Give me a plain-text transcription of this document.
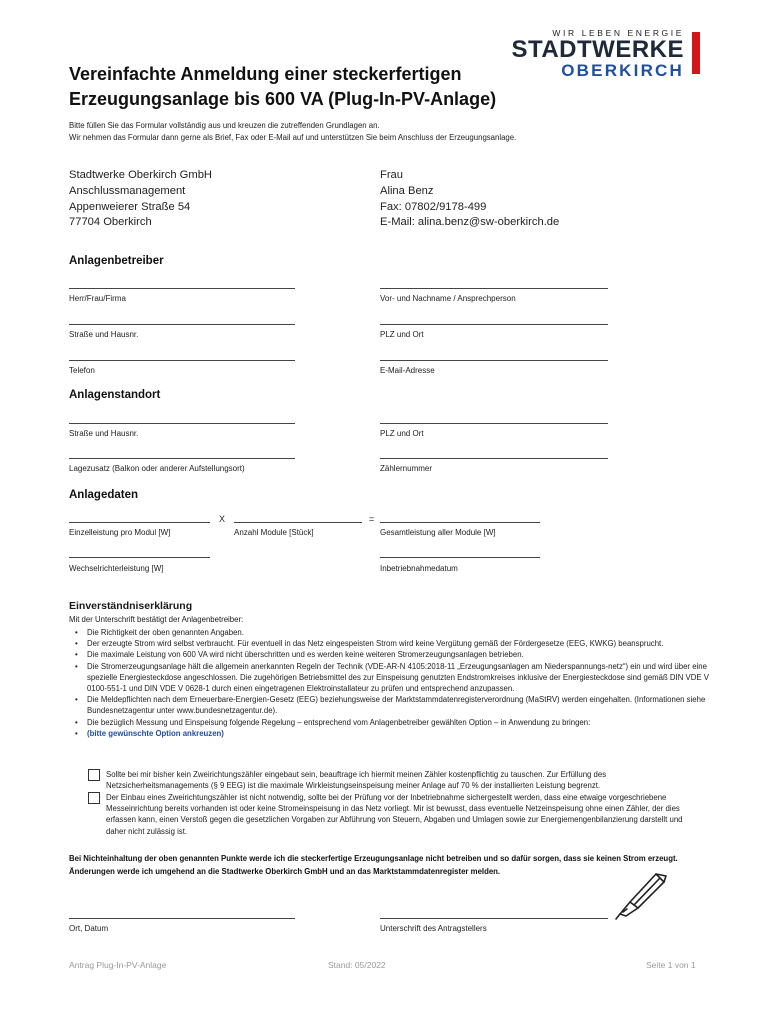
WIR LEBEN ENERGIE
STADTWERKE
OBERKIRCH
Vereinfachte Anmeldung einer steckerfertigen
Erzeugungsanlage bis 600 VA (Plug-In-PV-Anlage)
Bitte füllen Sie das Formular vollständig aus und kreuzen die zutreffenden Grundlagen an.
Wir nehmen das Formular dann gerne als Brief, Fax oder E-Mail auf und unterstützen Sie beim Anschluss der Erzeugungsanlage.
Stadtwerke Oberkirch GmbH
Anschlussmanagement
Appenweierer Straße 54
77704 Oberkirch
Frau
Alina Benz
Fax: 07802/9178-499
E-Mail: alina.benz@sw-oberkirch.de
Anlagenbetreiber
Herr/Frau/Firma	Vor- und Nachname / Ansprechperson
Straße und Hausnr.	PLZ und Ort
Telefon	E-Mail-Adresse
Anlagenstandort
Straße und Hausnr.	PLZ und Ort
Lagezusatz (Balkon oder anderer Aufstellungsort)	Zählernummer
Anlagedaten
Einzelleistung pro Modul [W]
X
Anzahl Module [Stück]
=
Gesamtleistung aller Module [W]
Wechselrichterleistung [W]	Inbetriebnahmedatum
Einverständniserklärung
Mit der Unterschrift bestätigt der Anlagenbetreiber:
• Die Richtigkeit der oben genannten Angaben.
• Der erzeugte Strom wird selbst verbraucht. Für eventuell in das Netz eingespeisten Strom wird keine Vergütung gemäß der Fördergesetze (EEG, KWKG) beansprucht.
• Die maximale Leistung von 600 VA wird nicht überschritten und es werden keine weiteren Stromerzeugungsanlagen betrieben.
• Die Stromerzeugungsanlage hält die allgemein anerkannten Regeln der Technik (VDE-AR-N 4105:2018-11 „Erzeugungsanlagen am Niederspannungs-netz“) ein und wird über eine spezielle Energiesteckdose angeschlossen. Die zugehörigen Betriebsmittel des zur Einspeisung genutzten Endstromkreises inklusive der Energiesteckdose sind gemäß DIN VDE V 0100-551-1 und DIN VDE V 0628-1 durch einen eingetragenen Elektroinstallateur zu prüfen und entsprechend anzupassen.
• Die Meldepflichten nach dem Erneuerbare-Energien-Gesetz (EEG) beziehungsweise der Marktstammdatenregisterverordnung (MaStRV) werden eingehalten. (Informationen siehe Bundesnetzagentur unter www.bundesnetzagentur.de).
• Die bezüglich Messung und Einspeisung folgende Regelung – entsprechend vom Anlagenbetreiber gewählten Option – in Anwendung zu bringen:
• (bitte gewünschte Option ankreuzen)
Sollte bei mir bisher kein Zweirichtungszähler eingebaut sein, beauftrage ich hiermit meinen Zähler kostenpflichtig zu tauschen. Zur Erfüllung des Netzsicherheitsmanagements (§ 9 EEG) ist die maximale Wirkleistungseinspeisung meiner Anlage auf 70 % der installierten Leistung begrenzt.
Der Einbau eines Zweirichtungszähler ist nicht notwendig, sollte bei der Prüfung vor der Inbetriebnahme sichergestellt werden, dass eine etwaige vorgeschriebene Messeinrichtung bereits vorhanden ist oder keine Stromeinspeisung in das Netz vorliegt. Mir ist bewusst, dass eventuelle Netzeinspeisung ohne einen Zähler, der dies erfassen kann, einen Verstoß gegen die gesetzlichen Vorgaben zur Abführung von Steuern, Abgaben und Umlagen sowie zur Energiemengenbilanzierung darstellt und daher nicht zulässig ist.
Bei Nichteinhaltung der oben genannten Punkte werde ich die steckerfertige Erzeugungsanlage nicht betreiben und so dafür sorgen, dass sie keinen Strom erzeugt. Änderungen werde ich umgehend an die Stadtwerke Oberkirch GmbH und an das Marktstammdatenregister melden.
Ort, Datum	Unterschrift des Antragstellers
Antrag Plug-In-PV-Anlage	Stand: 05/2022	Seite 1 von 1
